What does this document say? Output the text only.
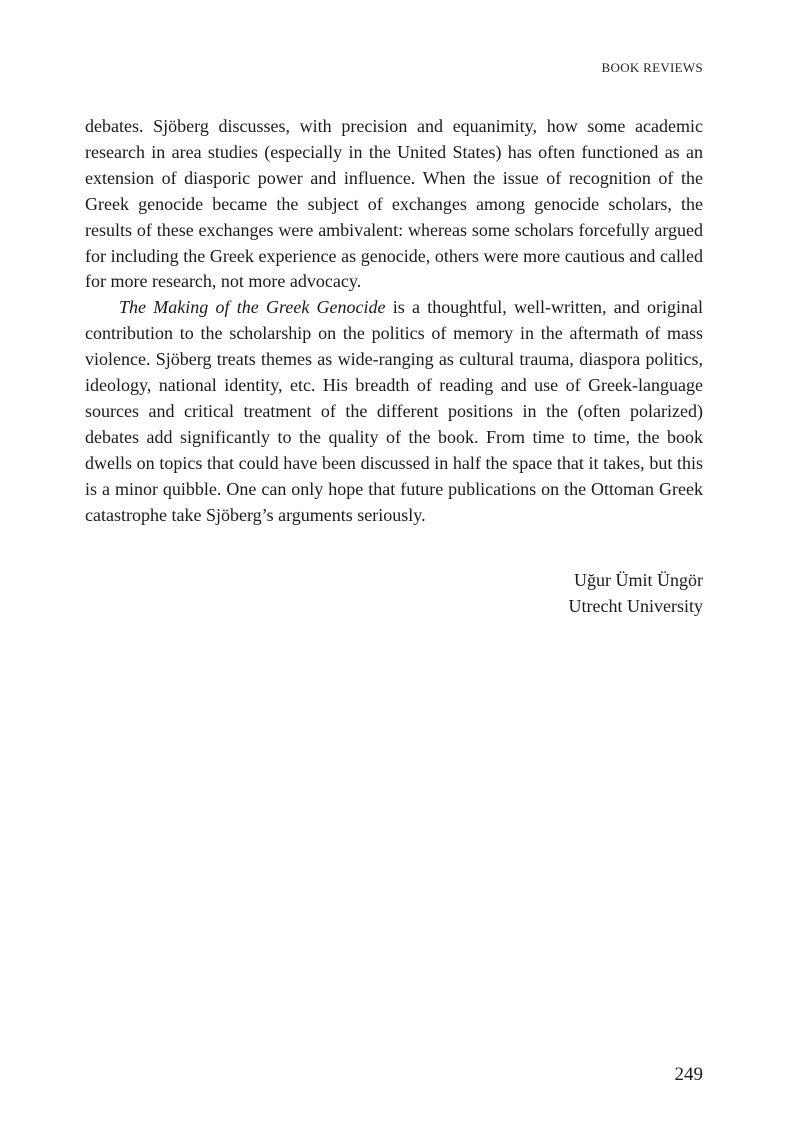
BOOK REVIEWS

debates. Sjöberg discusses, with precision and equanimity, how some academic research in area studies (especially in the United States) has often functioned as an extension of diasporic power and influence. When the issue of recognition of the Greek genocide became the subject of exchanges among genocide scholars, the results of these exchanges were ambivalent: whereas some scholars forcefully argued for including the Greek experience as genocide, others were more cautious and called for more research, not more advocacy.

The Making of the Greek Genocide is a thoughtful, well-written, and original contribution to the scholarship on the politics of memory in the aftermath of mass violence. Sjöberg treats themes as wide-ranging as cultural trauma, diaspora politics, ideology, national identity, etc. His breadth of reading and use of Greek-language sources and critical treatment of the different positions in the (often polarized) debates add significantly to the quality of the book. From time to time, the book dwells on topics that could have been discussed in half the space that it takes, but this is a minor quibble. One can only hope that future publications on the Ottoman Greek catastrophe take Sjöberg’s arguments seriously.

Uğur Ümit Üngör
Utrecht University
249
